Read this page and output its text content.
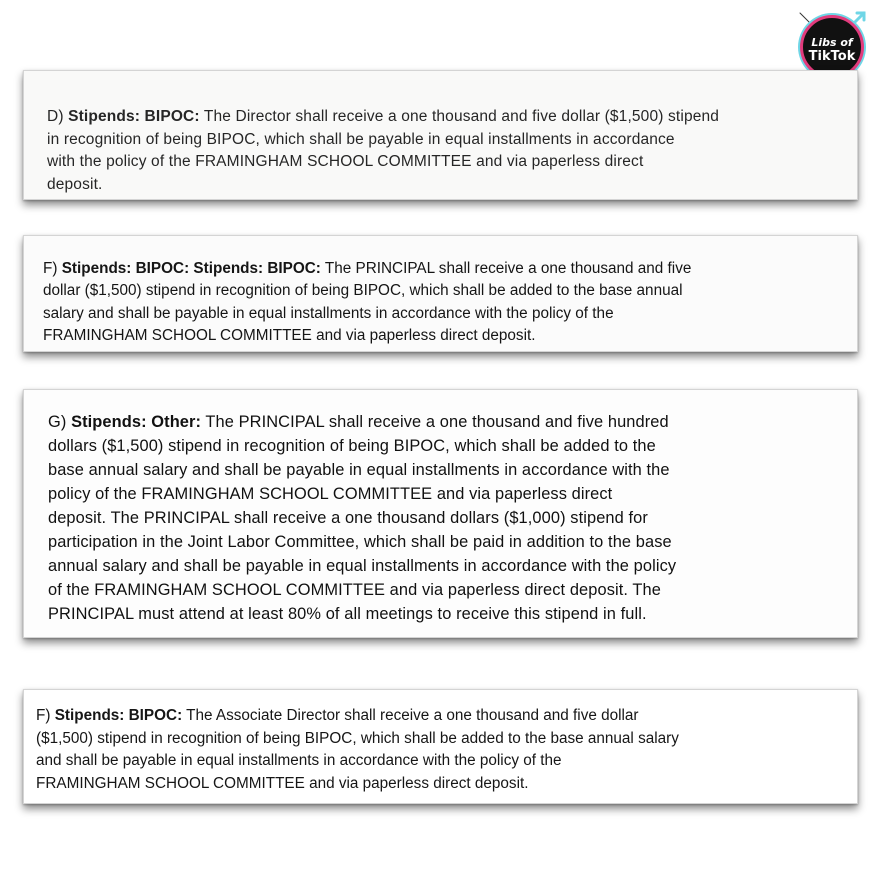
Libs of
TikTok

D) Stipends: BIPOC: The Director shall receive a one thousand and five dollar ($1,500) stipend

in recognition of being BIPOC, which shall be payable in equal installments in accordance

with the policy of the FRAMINGHAM SCHOOL COMMITTEE and via paperless direct

deposit.

F) Stipends: BIPOC: Stipends: BIPOC: The PRINCIPAL shall receive a one thousand and five

dollar ($1,500) stipend in recognition of being BIPOC, which shall be added to the base annual

salary and shall be payable in equal installments in accordance with the policy of the

FRAMINGHAM SCHOOL COMMITTEE and via paperless direct deposit.

G) Stipends: Other: The PRINCIPAL shall receive a one thousand and five hundred

dollars ($1,500) stipend in recognition of being BIPOC, which shall be added to the

base annual salary and shall be payable in equal installments in accordance with the

policy of the FRAMINGHAM SCHOOL COMMITTEE and via paperless direct

deposit. The PRINCIPAL shall receive a one thousand dollars ($1,000) stipend for

participation in the Joint Labor Committee, which shall be paid in addition to the base

annual salary and shall be payable in equal installments in accordance with the policy

of the FRAMINGHAM SCHOOL COMMITTEE and via paperless direct deposit. The

PRINCIPAL must attend at least 80% of all meetings to receive this stipend in full.

F) Stipends: BIPOC: The Associate Director shall receive a one thousand and five dollar

($1,500) stipend in recognition of being BIPOC, which shall be added to the base annual salary

and shall be payable in equal installments in accordance with the policy of the

FRAMINGHAM SCHOOL COMMITTEE and via paperless direct deposit.
